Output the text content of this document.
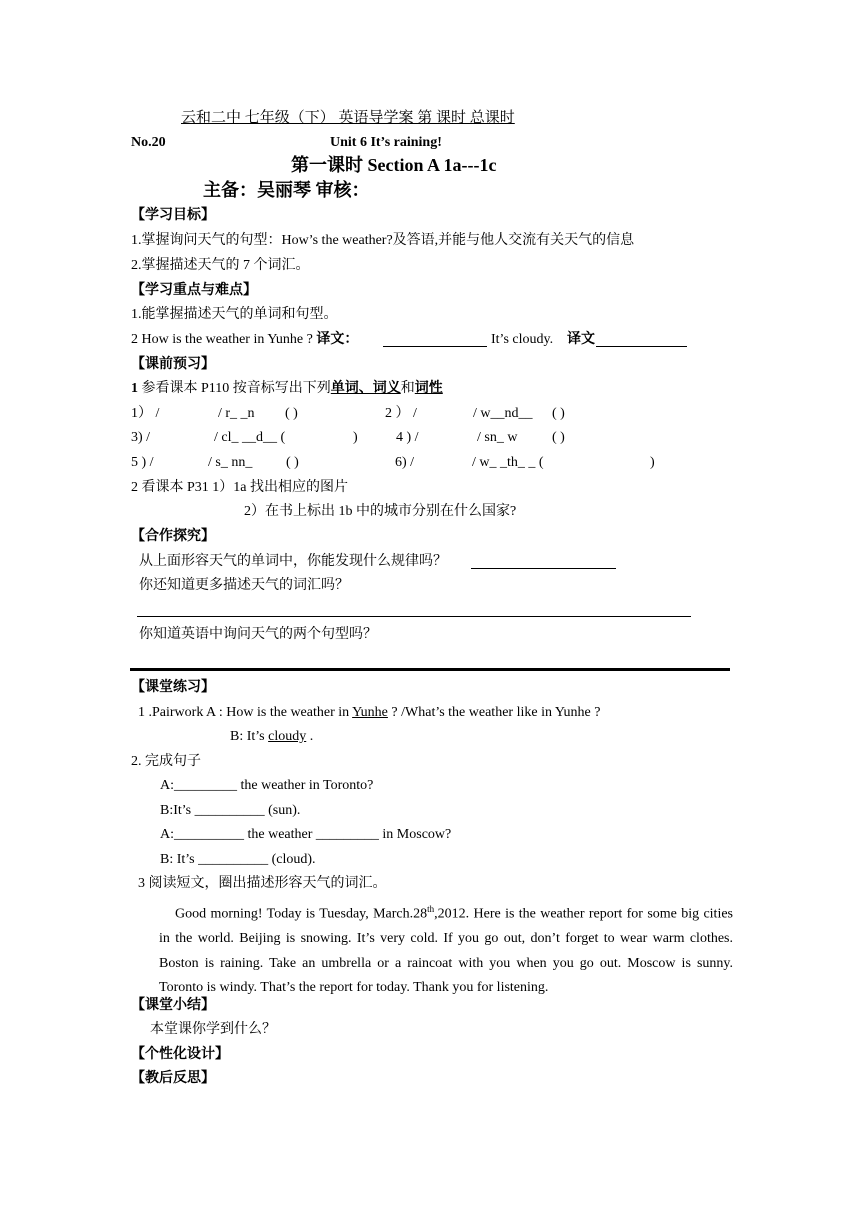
云和二中 七年级（下） 英语导学案 第 课时 总课时
No.20	Unit 6 It’s raining!
第一课时 Section A 1a---1c
主备：吴丽琴 审核：
【学习目标】
1.掌握询问天气的句型：How’s the weather?及答语,并能与他人交流有关天气的信息
2.掌握描述天气的 7 个词汇。
【学习重点与难点】
1.能掌握描述天气的单词和句型。
2 How is the weather in Yunhe ? 译文：	It’s cloudy. 译文
【课前预习】
1 参看课本 P110 按音标写出下列单词、词义和词性
1） /	/ r_ _n ( )	2 ） /	/ w__nd__ ( )
3) /	/ cl_ __d__ (	)	4 ) /	/ sn_ w ( )
5 ) /	/ s_ nn_ ( )	6) /	/ w_ _th_ _ (	)
2 看课本 P31 1）1a 找出相应的图片
2）在书上标出 1b 中的城市分别在什么国家?
【合作探究】
从上面形容天气的单词中，你能发现什么规律吗？
你还知道更多描述天气的词汇吗？
你知道英语中询问天气的两个句型吗？
【课堂练习】
1 .Pairwork A : How is the weather in Yunhe ? /What’s the weather like in Yunhe ?
B: It’s cloudy .
2. 完成句子
A:_________ the weather in Toronto?
B:It’s __________ (sun).
A:__________ the weather _________ in Moscow?
B: It’s __________ (cloud).
3 阅读短文，圈出描述形容天气的词汇。
Good morning! Today is Tuesday, March.28th,2012. Here is the weather report for some big cities in the world. Beijing is snowing. It’s very cold. If you go out, don’t forget to wear warm clothes. Boston is raining. Take an umbrella or a raincoat with you when you go out. Moscow is sunny. Toronto is windy. That’s the report for today. Thank you for listening.
【课堂小结】
本堂课你学到什么？
【个性化设计】
【教后反思】
